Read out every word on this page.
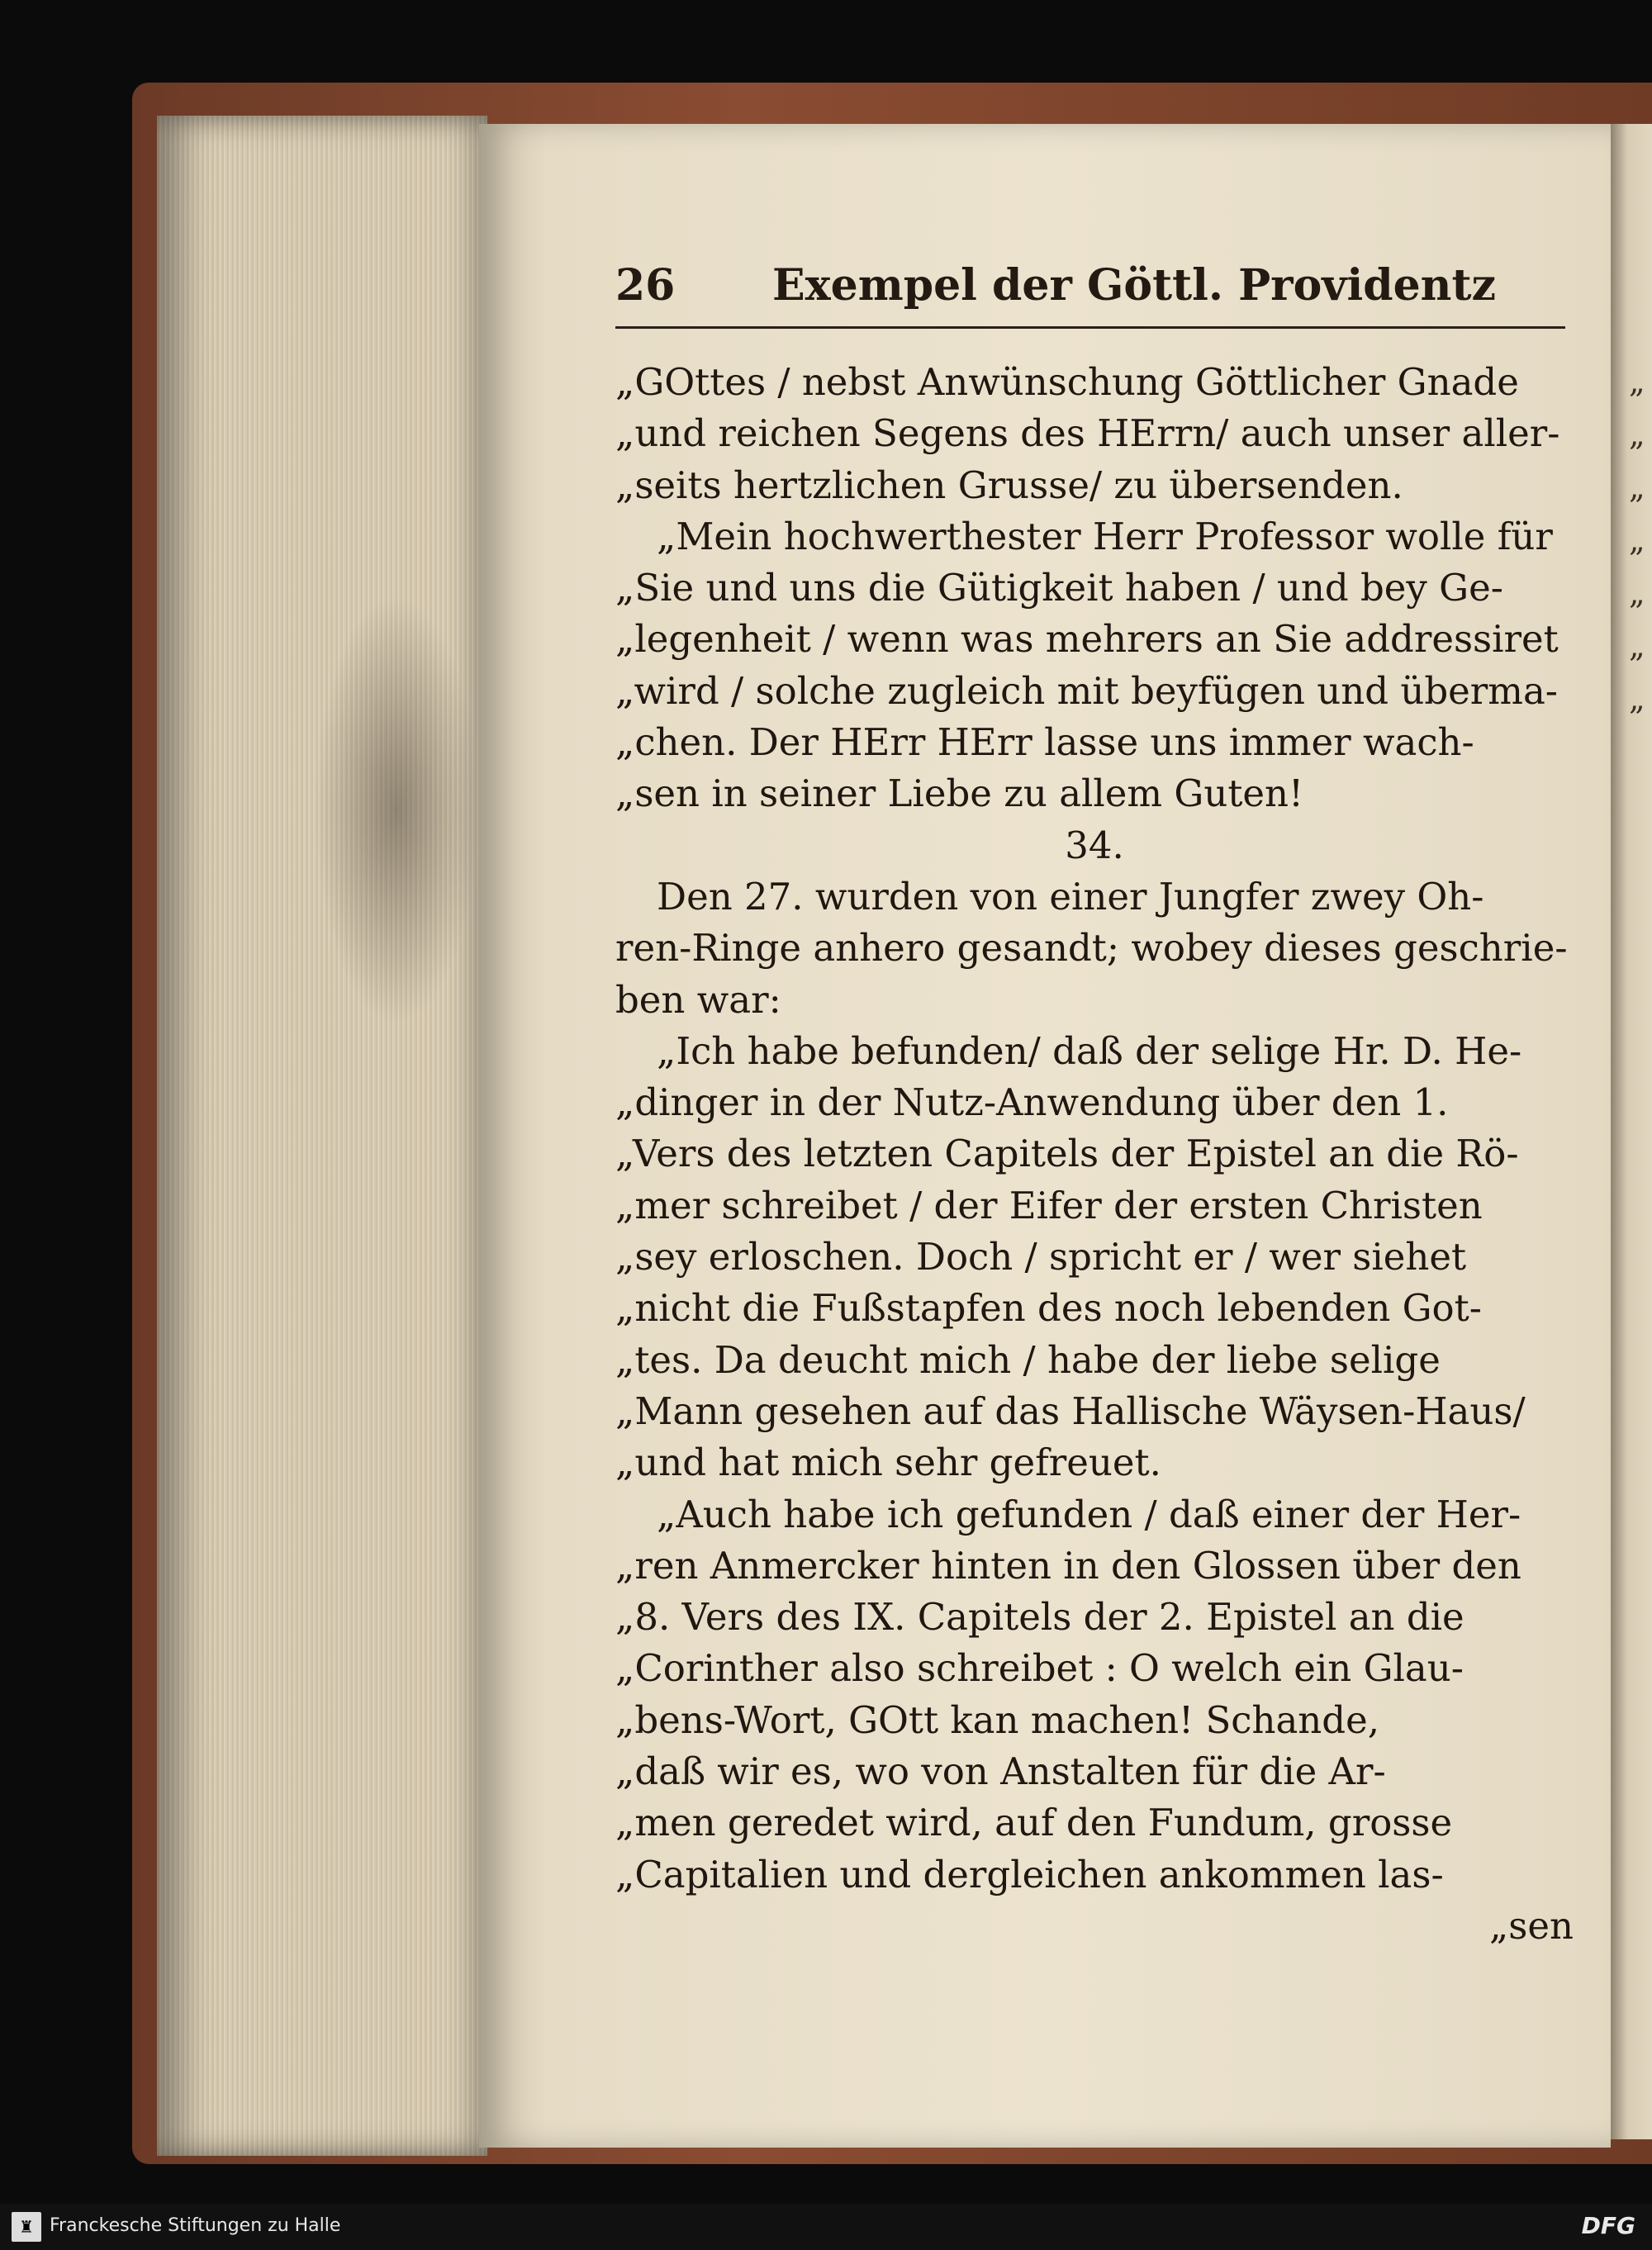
„
„
„
„
„
„
„
26 Exempel der Göttl. Providentz
„GOttes / nebst Anwünschung Göttlicher Gnade
„und reichen Segens des HErrn/ auch unser aller-
„seits hertzlichen Grusse/ zu übersenden.
„Mein hochwerthester Herr Professor wolle für
„Sie und uns die Gütigkeit haben / und bey Ge-
„legenheit / wenn was mehrers an Sie addressiret
„wird / solche zugleich mit beyfügen und überma-
„chen. Der HErr HErr lasse uns immer wach-
„sen in seiner Liebe zu allem Guten!
34.
Den 27. wurden von einer Jungfer zwey Oh-
ren-Ringe anhero gesandt; wobey dieses geschrie-
ben war:
„Ich habe befunden/ daß der selige Hr. D. He-
„dinger in der Nutz-Anwendung über den 1.
„Vers des letzten Capitels der Epistel an die Rö-
„mer schreibet / der Eifer der ersten Christen
„sey erloschen. Doch / spricht er / wer siehet
„nicht die Fußstapfen des noch lebenden Got-
„tes. Da deucht mich / habe der liebe selige
„Mann gesehen auf das Hallische Wäysen-Haus/
„und hat mich sehr gefreuet.
„Auch habe ich gefunden / daß einer der Her-
„ren Anmercker hinten in den Glossen über den
„8. Vers des IX. Capitels der 2. Epistel an die
„Corinther also schreibet : O welch ein Glau-
„bens-Wort, GOtt kan machen! Schande,
„daß wir es, wo von Anstalten für die Ar-
„men geredet wird, auf den Fundum, grosse
„Capitalien und dergleichen ankommen las-
„sen
♜ Franckesche Stiftungen zu Halle	DFG
